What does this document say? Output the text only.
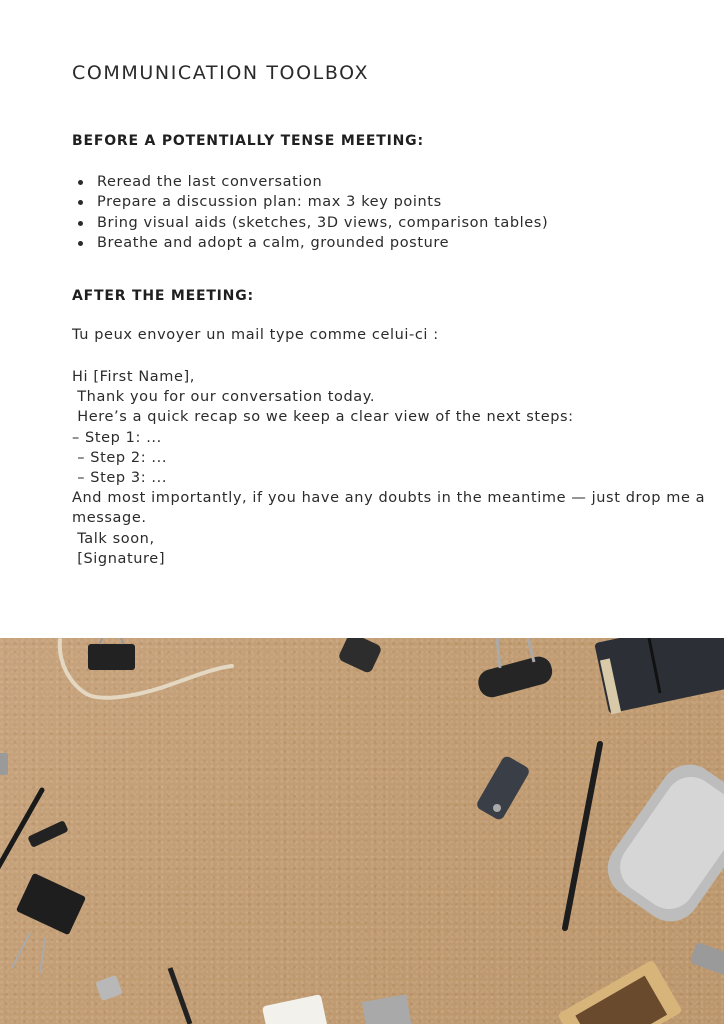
COMMUNICATION TOOLBOX
BEFORE A POTENTIALLY TENSE MEETING:
Reread the last conversation
Prepare a discussion plan: max 3 key points
Bring visual aids (sketches, 3D views, comparison tables)
Breathe and adopt a calm, grounded posture
AFTER THE MEETING:
Tu peux envoyer un mail type comme celui-ci :
Hi [First Name],
Thank you for our conversation today.
Here’s a quick recap so we keep a clear view of the next steps:
– Step 1: ...
– Step 2: ...
– Step 3: ...
And most importantly, if you have any doubts in the meantime — just drop me a message.
Talk soon,
[Signature]
